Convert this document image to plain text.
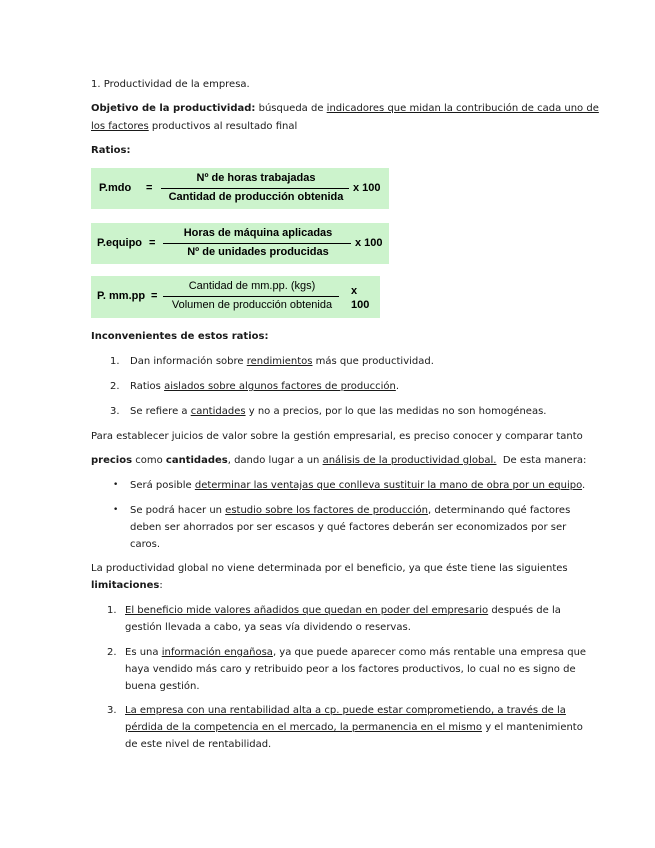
1. Productividad de la empresa.
Objetivo de la productividad: búsqueda de indicadores que midan la contribución de cada uno de
los factores productivos al resultado final
Ratios:
P.mdo =
Nº de horas trabajadas
Cantidad de producción obtenida
x 100
P.equipo =
Horas de máquina aplicadas
Nº de unidades producidas
x 100
P. mm.pp =
Cantidad de mm.pp. (kgs)
Volumen de producción obtenida
x
100
Inconvenientes de estos ratios:
1. Dan información sobre rendimientos más que productividad.
2. Ratios aislados sobre algunos factores de producción.
3. Se refiere a cantidades y no a precios, por lo que las medidas no son homogéneas.
Para establecer juicios de valor sobre la gestión empresarial, es preciso conocer y comparar tanto
precios como cantidades, dando lugar a un análisis de la productividad global.  De esta manera:
• Será posible determinar las ventajas que conlleva sustituir la mano de obra por un equipo.
• Se podrá hacer un estudio sobre los factores de producción, determinando qué factores
deben ser ahorrados por ser escasos y qué factores deberán ser economizados por ser
caros.
La productividad global no viene determinada por el beneficio, ya que éste tiene las siguientes
limitaciones:
1. El beneficio mide valores añadidos que quedan en poder del empresario después de la
gestión llevada a cabo, ya seas vía dividendo o reservas.
2. Es una información engañosa, ya que puede aparecer como más rentable una empresa que
haya vendido más caro y retribuido peor a los factores productivos, lo cual no es signo de
buena gestión.
3. La empresa con una rentabilidad alta a cp. puede estar comprometiendo, a través de la
pérdida de la competencia en el mercado, la permanencia en el mismo y el mantenimiento
de este nivel de rentabilidad.
